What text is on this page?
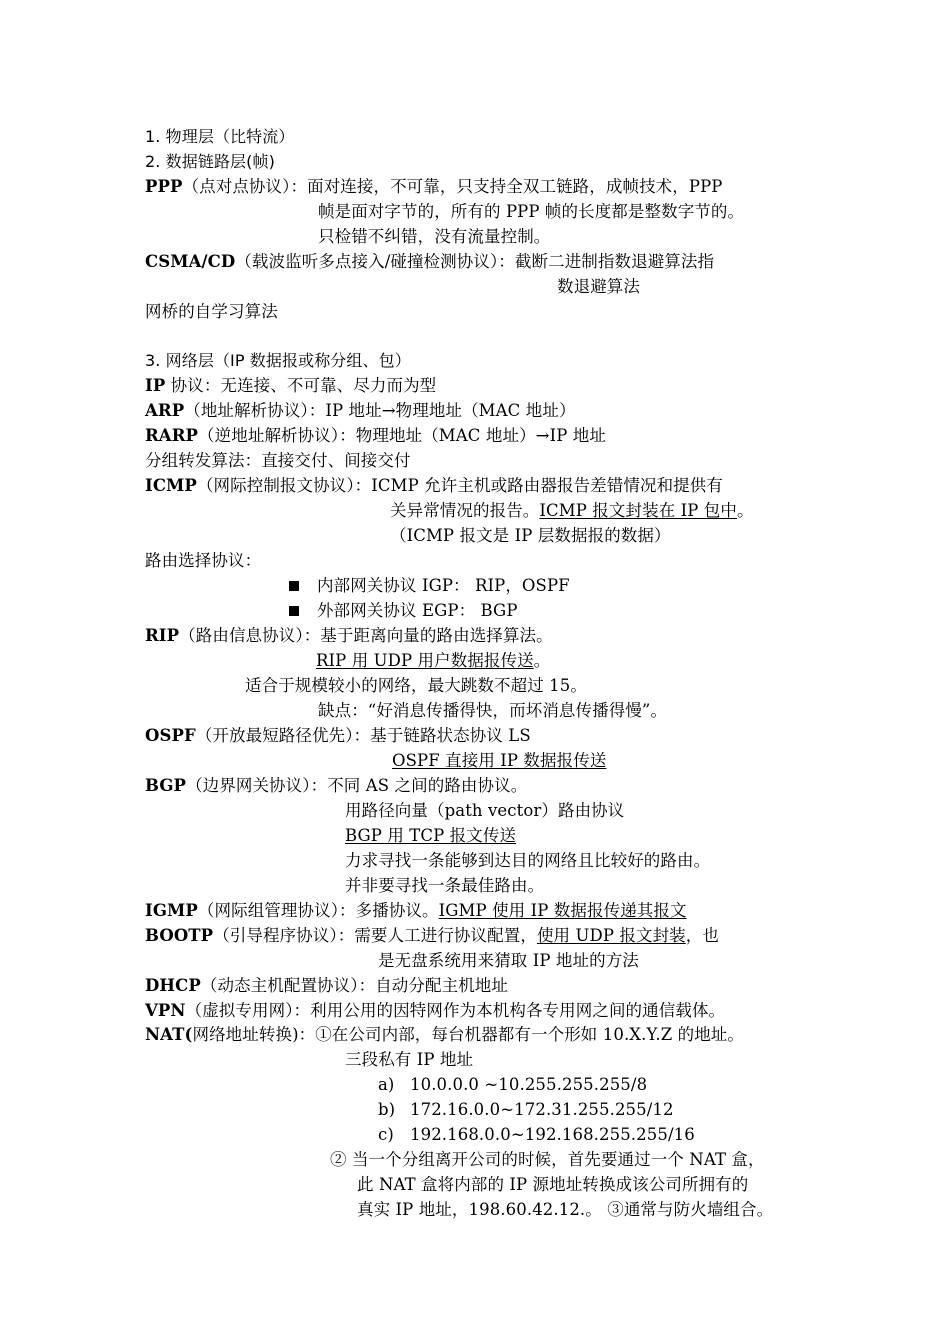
1. 物理层（比特流）
2. 数据链路层(帧)
PPP（点对点协议）：面对连接，不可靠，只支持全双工链路，成帧技术，PPP
帧是面对字节的，所有的 PPP 帧的长度都是整数字节的。
只检错不纠错，没有流量控制。
CSMA/CD（载波监听多点接入/碰撞检测协议）：截断二进制指数退避算法指
数退避算法
网桥的自学习算法
3. 网络层（IP 数据报或称分组、包）
IP 协议：无连接、不可靠、尽力而为型
ARP（地址解析协议）：IP 地址→物理地址（MAC 地址）
RARP（逆地址解析协议）：物理地址（MAC 地址）→IP 地址
分组转发算法：直接交付、间接交付
ICMP（网际控制报文协议）：ICMP 允许主机或路由器报告差错情况和提供有
关异常情况的报告。ICMP 报文封装在 IP 包中。
（ICMP 报文是 IP 层数据报的数据）
路由选择协议：
内部网关协议 IGP： RIP，OSPF
外部网关协议 EGP： BGP
RIP（路由信息协议）：基于距离向量的路由选择算法。
RIP 用 UDP 用户数据报传送。
适合于规模较小的网络，最大跳数不超过 15。
缺点：“好消息传播得快，而坏消息传播得慢”。
OSPF（开放最短路径优先）：基于链路状态协议 LS
OSPF 直接用 IP 数据报传送
BGP（边界网关协议）：不同 AS 之间的路由协议。
用路径向量（path vector）路由协议
BGP 用 TCP 报文传送
力求寻找一条能够到达目的网络且比较好的路由。
并非要寻找一条最佳路由。
IGMP（网际组管理协议）：多播协议。IGMP 使用 IP 数据报传递其报文
BOOTP（引导程序协议）：需要人工进行协议配置，使用 UDP 报文封装，也
是无盘系统用来猜取 IP 地址的方法
DHCP（动态主机配置协议）：自动分配主机地址
VPN（虚拟专用网）：利用公用的因特网作为本机构各专用网之间的通信载体。
NAT(网络地址转换)：①在公司内部，每台机器都有一个形如 10.X.Y.Z 的地址。
三段私有 IP 地址
a) 10.0.0.0 ~10.255.255.255/8
b) 172.16.0.0~172.31.255.255/12
c) 192.168.0.0~192.168.255.255/16
② 当一个分组离开公司的时候，首先要通过一个 NAT 盒，
此 NAT 盒将内部的 IP 源地址转换成该公司所拥有的
真实 IP 地址，198.60.42.12.。 ③通常与防火墙组合。
